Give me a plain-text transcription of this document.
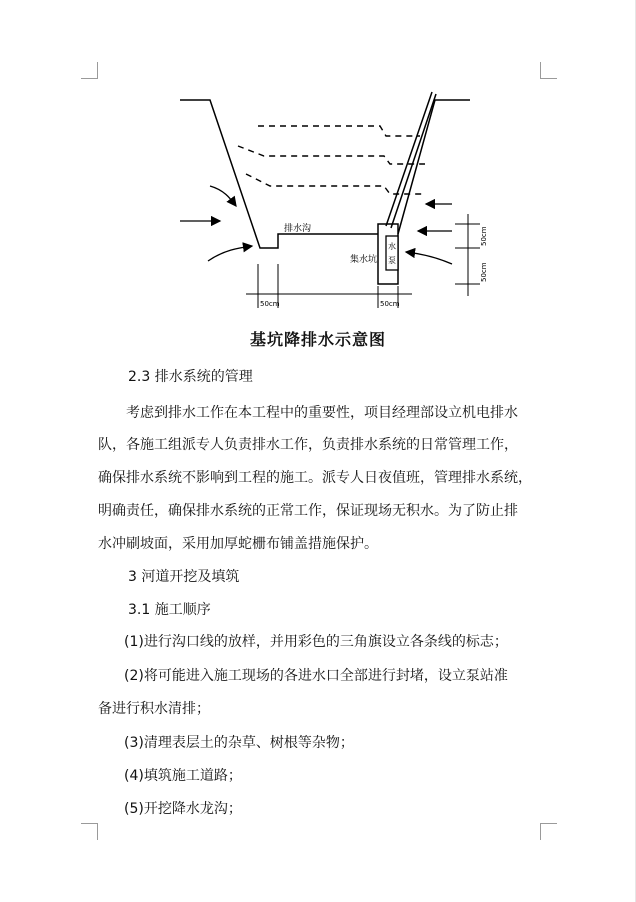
水
泵
排水沟
集水坑
50cm	50cm
50cm
50cm
基坑降排水示意图
2.3 排水系统的管理
　　考虑到排水工作在本工程中的重要性，项目经理部设立机电排水
队，各施工组派专人负责排水工作，负责排水系统的日常管理工作，
确保排水系统不影响到工程的施工。派专人日夜值班，管理排水系统，
明确责任，确保排水系统的正常工作，保证现场无积水。为了防止排
水冲刷坡面，采用加厚蛇栅布铺盖措施保护。
3 河道开挖及填筑
3.1 施工顺序
(1)进行沟口线的放样，并用彩色的三角旗设立各条线的标志；
(2)将可能进入施工现场的各进水口全部进行封堵，设立泵站准
备进行积水清排；
(3)清理表层土的杂草、树根等杂物；
(4)填筑施工道路；
(5)开挖降水龙沟；
